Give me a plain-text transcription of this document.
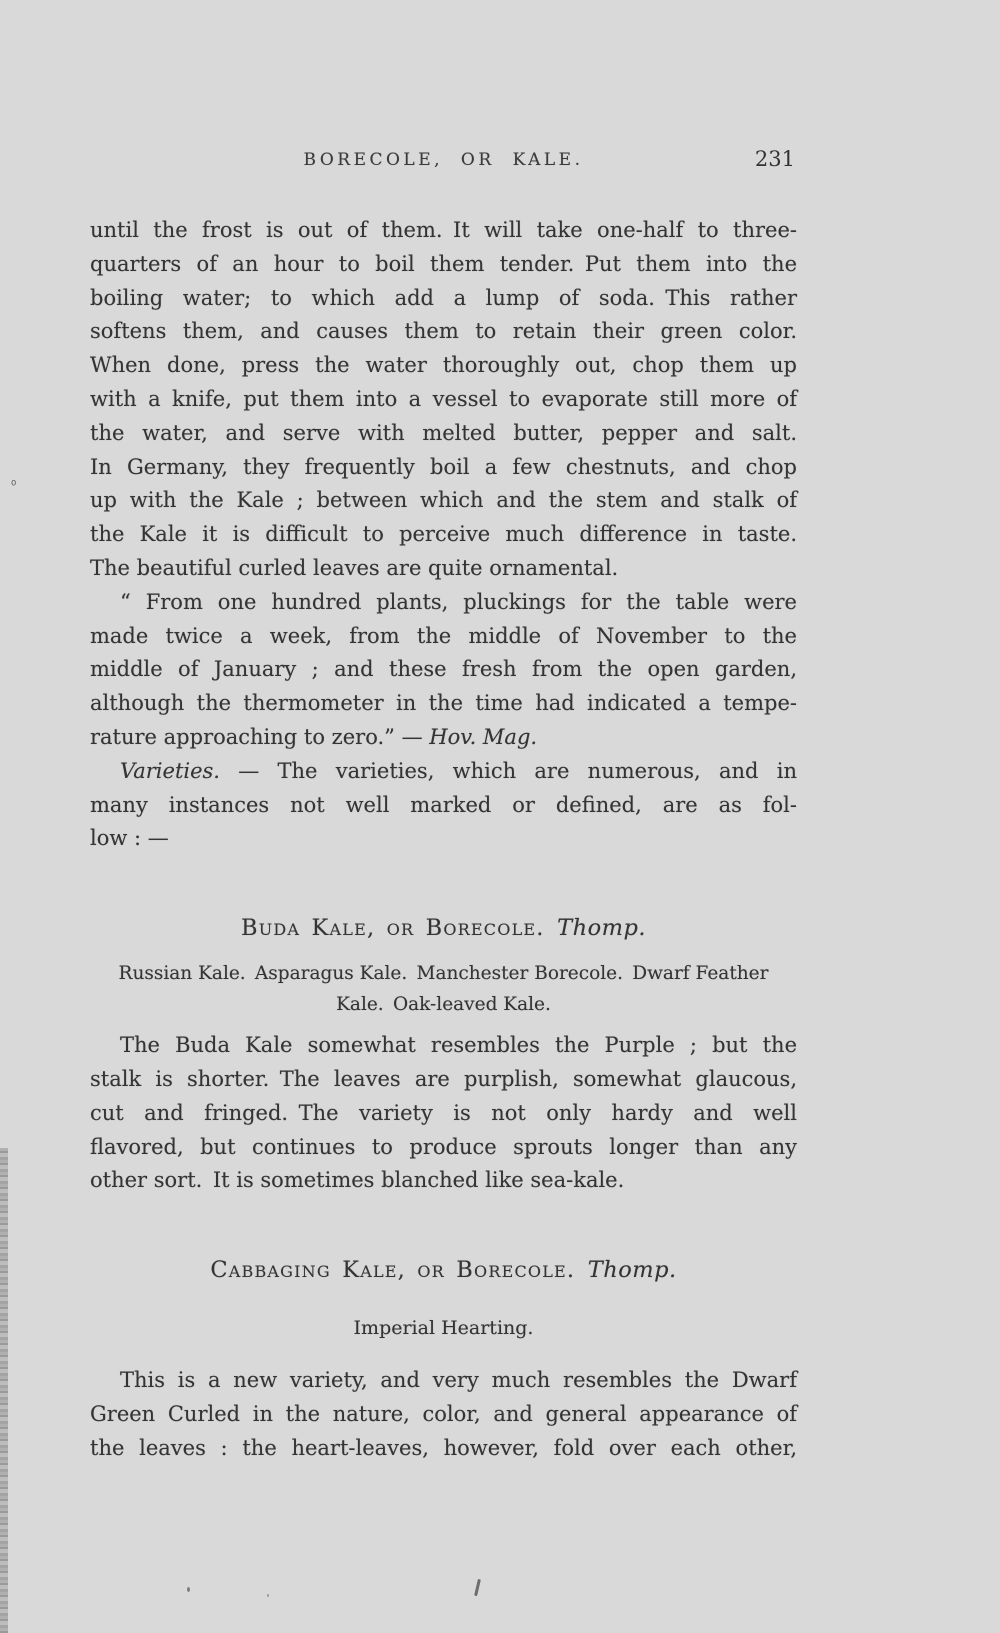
BORECOLE, OR KALE.	231
until the frost is out of them. It will take one-half to three-
quarters of an hour to boil them tender. Put them into the
boiling water; to which add a lump of soda. This rather
softens them, and causes them to retain their green color.
When done, press the water thoroughly out, chop them up
with a knife, put them into a vessel to evaporate still more of
the water, and serve with melted butter, pepper and salt.
In Germany, they frequently boil a few chestnuts, and chop
up with the Kale ; between which and the stem and stalk of
the Kale it is difficult to perceive much difference in taste.
The beautiful curled leaves are quite ornamental.
“ From one hundred plants, pluckings for the table were
made twice a week, from the middle of November to the
middle of January ; and these fresh from the open garden,
although the thermometer in the time had indicated a tempe-
rature approaching to zero.” — Hov. Mag.
Varieties. — The varieties, which are numerous, and in
many instances not well marked or defined, are as fol-
low : —
Buda Kale, or Borecole.  Thomp.
Russian Kale. Asparagus Kale. Manchester Borecole. Dwarf Feather
Kale. Oak-leaved Kale.
The Buda Kale somewhat resembles the Purple ; but the
stalk is shorter. The leaves are purplish, somewhat glaucous,
cut and fringed. The variety is not only hardy and well
flavored, but continues to produce sprouts longer than any
other sort. It is sometimes blanched like sea-kale.
Cabbaging Kale, or Borecole.  Thomp.
Imperial Hearting.
This is a new variety, and very much resembles the Dwarf
Green Curled in the nature, color, and general appearance of
the leaves : the heart-leaves, however, fold over each other,
⁰
